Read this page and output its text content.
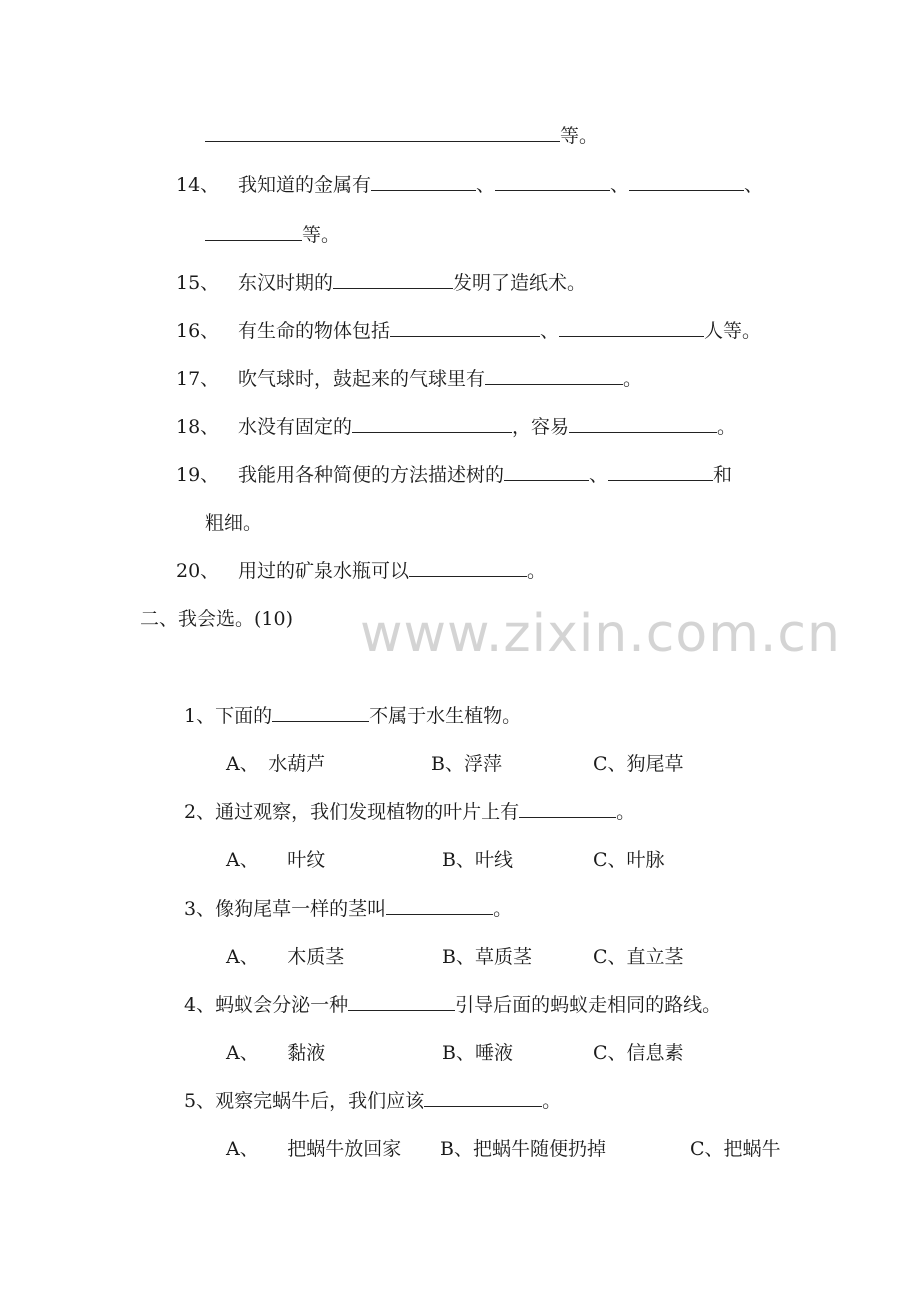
等。
14、 我知道的金属有	、	、	、
等。
15、 东汉时期的	发明了造纸术。
16、 有生命的物体包括	、	人等。
17、 吹气球时，鼓起来的气球里有	。
18、 水没有固定的	，容易	。
19、 我能用各种简便的方法描述树的	、	和
粗细。
20、 用过的矿泉水瓶可以	。
二、我会选。(10) www.zixin.com.cn
1、下面的	不属于水生植物。
A、　水葫芦	B、浮萍	C、狗尾草
2、通过观察，我们发现植物的叶片上有	。
A、　　叶纹	B、叶线	C、叶脉
3、像狗尾草一样的茎叫	。
A、　　木质茎	B、草质茎	C、直立茎
4、蚂蚁会分泌一种	引导后面的蚂蚁走相同的路线。
A、　　黏液	B、唾液	C、信息素
5、观察完蜗牛后，我们应该	。
A、　　把蜗牛放回家 B、把蜗牛随便扔掉	C、把蜗牛
